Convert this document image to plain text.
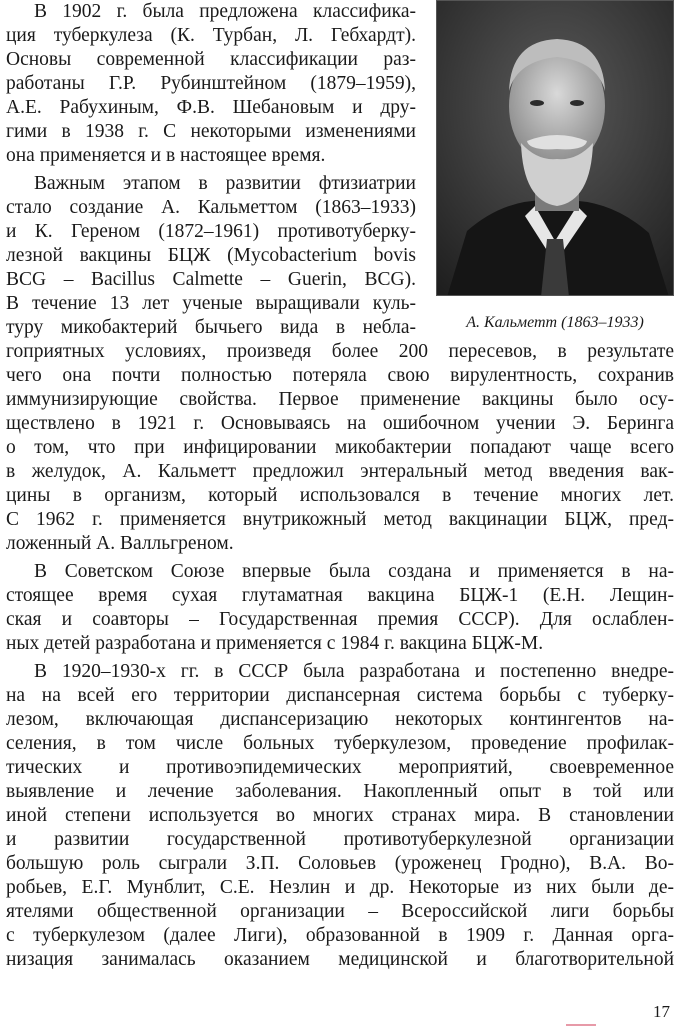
А. Кальметт (1863–1933)
В 1902 г. была предложена классифика-
ция туберкулеза (К. Турбан, Л. Гебхардт).
Основы современной классификации раз-
работаны Г.Р. Рубинштейном (1879–1959),
А.Е. Рабухиным, Ф.В. Шебановым и дру-
гими в 1938 г. С некоторыми изменениями
она применяется и в настоящее время.
Важным этапом в развитии фтизиатрии
стало создание А. Кальметтом (1863–1933)
и К. Гереном (1872–1961) противотуберку-
лезной вакцины БЦЖ (Mycobacterium bovis
BCG – Bacillus Calmette – Guerin, BCG).
В течение 13 лет ученые выращивали куль-
туру микобактерий бычьего вида в небла-
гоприятных условиях, произведя более 200 пересевов, в результате
чего она почти полностью потеряла свою вирулентность, сохранив
иммунизирующие свойства. Первое применение вакцины было осу-
ществлено в 1921 г. Основываясь на ошибочном учении Э. Беринга
о том, что при инфицировании микобактерии попадают чаще всего
в желудок, А. Кальметт предложил энтеральный метод введения вак-
цины в организм, который использовался в течение многих лет.
С 1962 г. применяется внутрикожный метод вакцинации БЦЖ, пред-
ложенный А. Валльгреном.
В Советском Союзе впервые была создана и применяется в на-
стоящее время сухая глутаматная вакцина БЦЖ-1 (Е.Н. Лещин-
ская и соавторы – Государственная премия СССР). Для ослаблен-
ных детей разработана и применяется с 1984 г. вакцина БЦЖ-М.
В 1920–1930-х гг. в СССР была разработана и постепенно внедре-
на на всей его территории диспансерная система борьбы с туберку-
лезом, включающая диспансеризацию некоторых контингентов на-
селения, в том числе больных туберкулезом, проведение профилак-
тических и противоэпидемических мероприятий, своевременное
выявление и лечение заболевания. Накопленный опыт в той или
иной степени используется во многих странах мира. В становлении
и развитии государственной противотуберкулезной организации
большую роль сыграли З.П. Соловьев (уроженец Гродно), В.А. Во-
робьев, Е.Г. Мунблит, С.Е. Незлин и др. Некоторые из них были де-
ятелями общественной организации – Всероссийской лиги борьбы
с туберкулезом (далее Лиги), образованной в 1909 г. Данная орга-
низация занималась оказанием медицинской и благотворительной
17
